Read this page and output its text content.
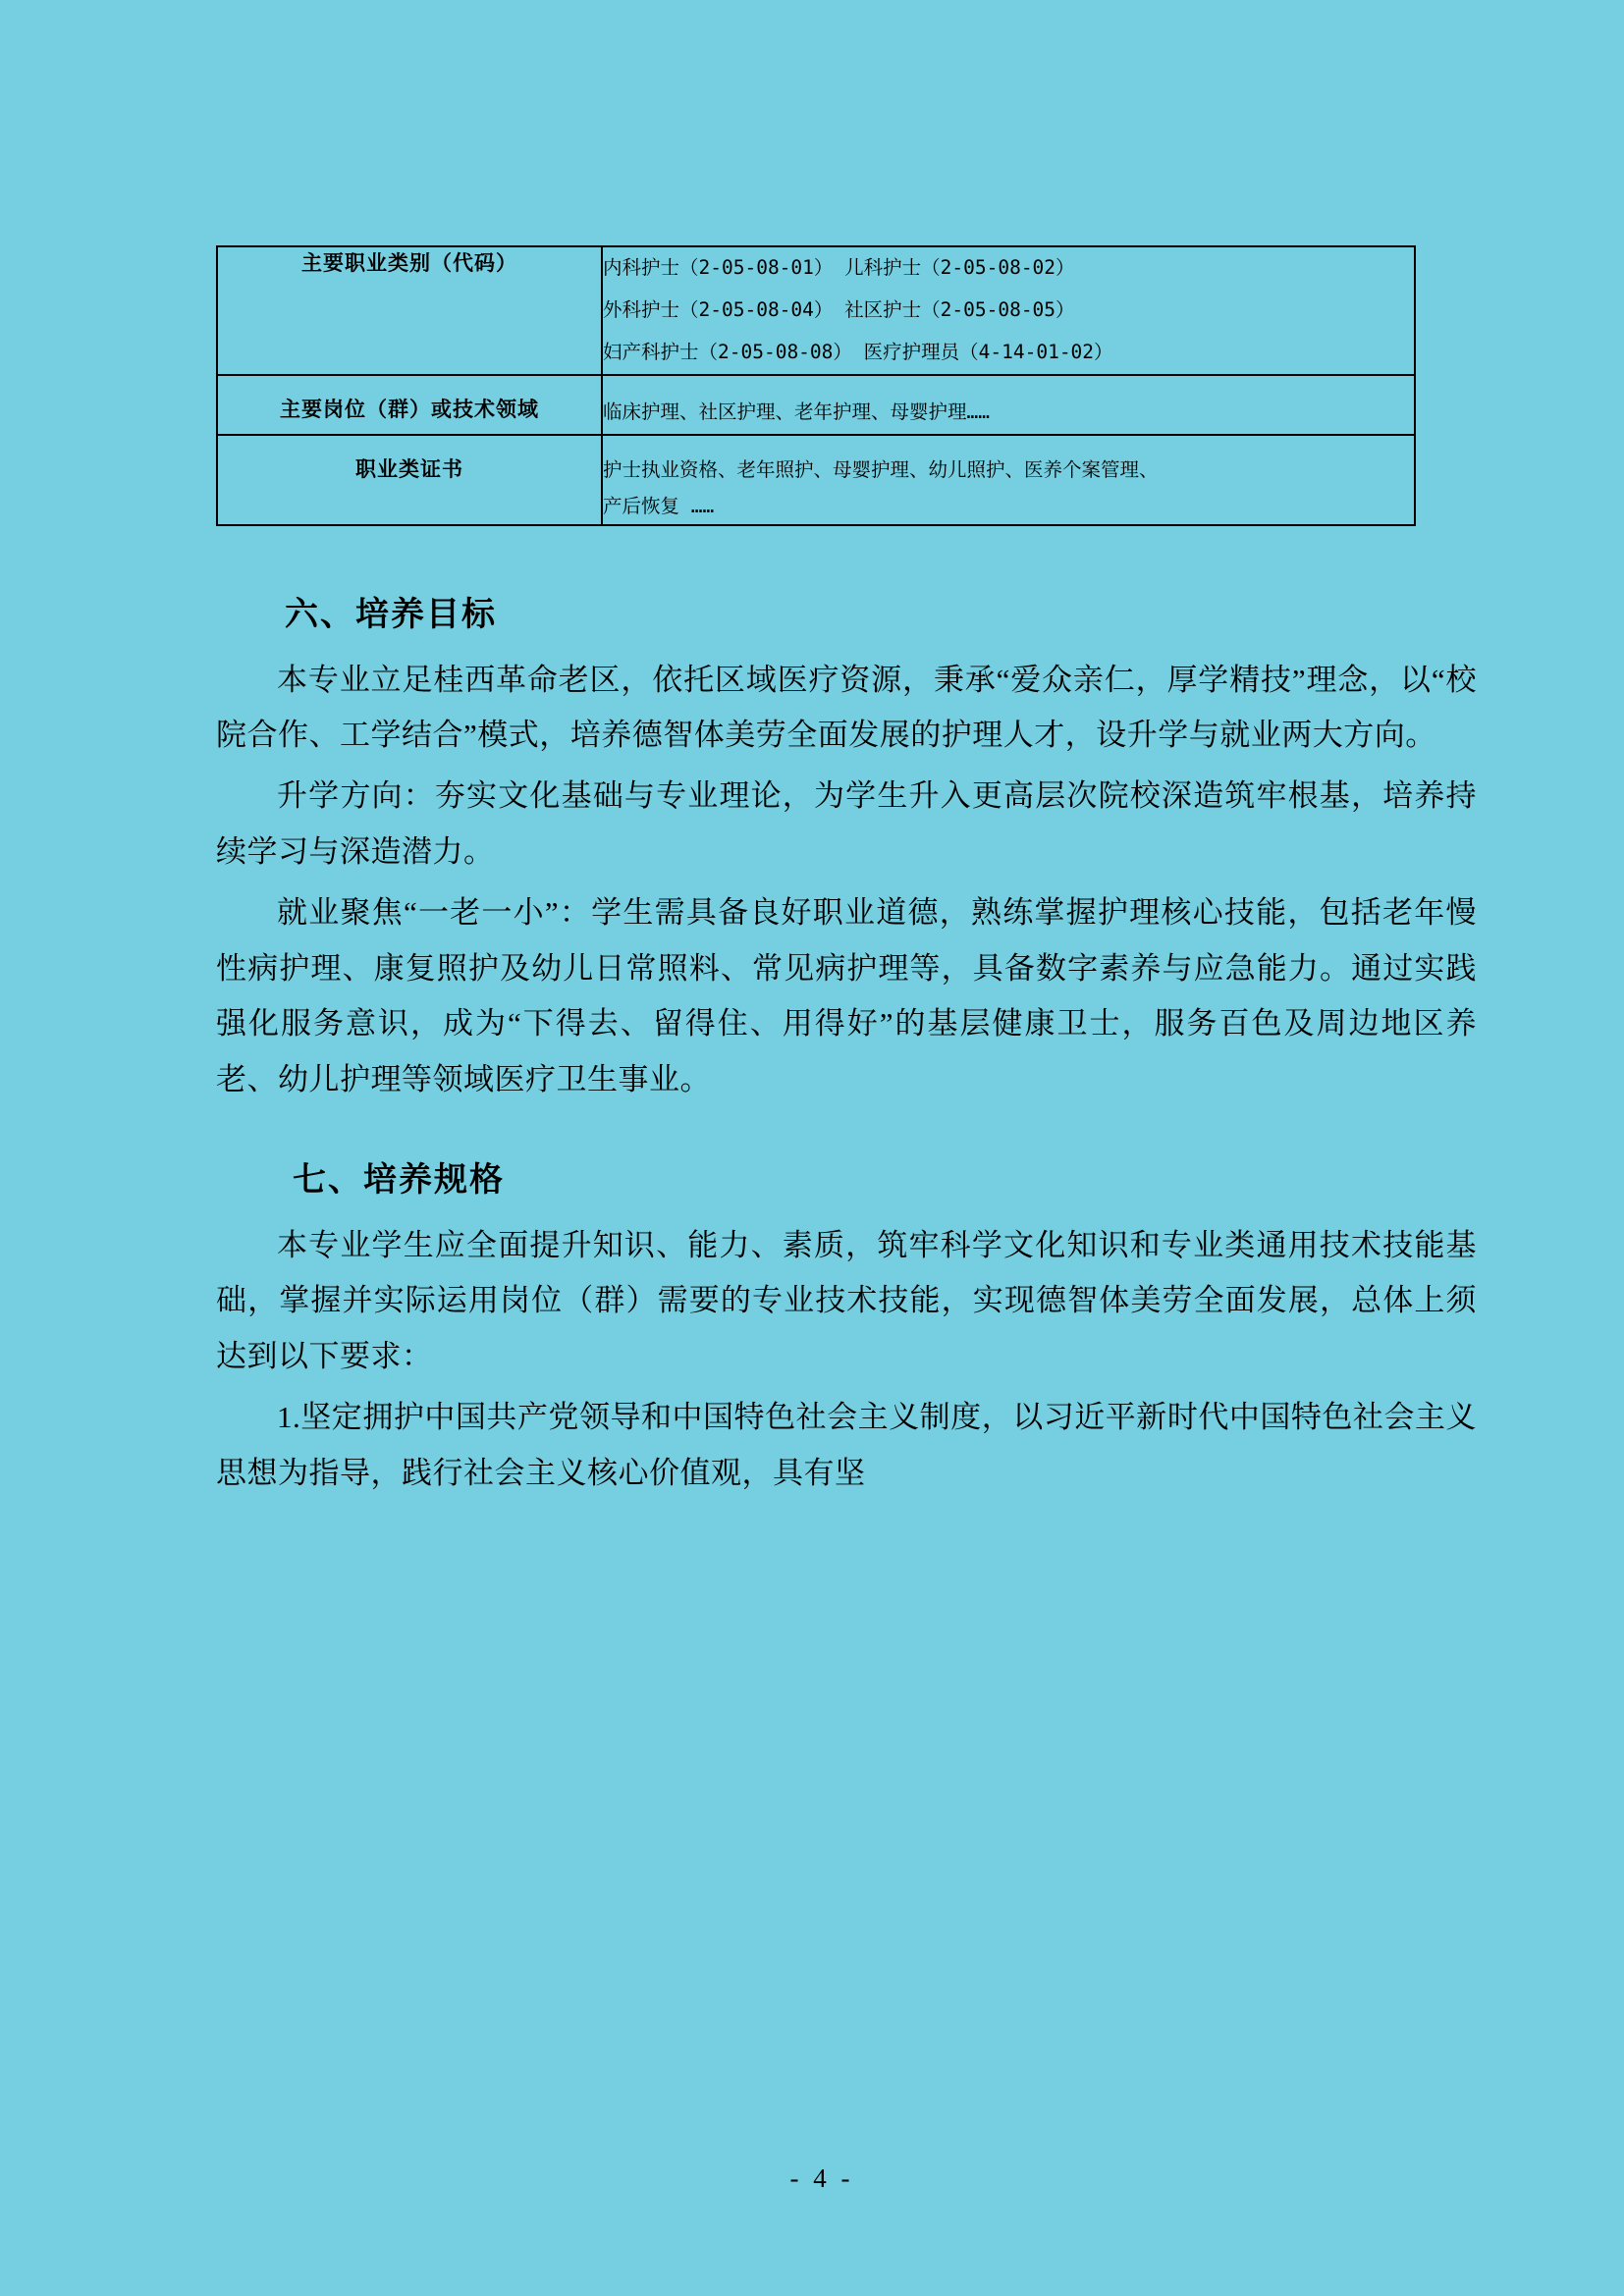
主要职业类别（代码）	内科护士（2-05-08-01） 儿科护士（2-05-08-02）
外科护士（2-05-08-04） 社区护士（2-05-08-05）
妇产科护士（2-05-08-08） 医疗护理员（4-14-01-02）

主要岗位（群）或技术领域	临床护理、社区护理、老年护理、母婴护理……

职业类证书	护士执业资格、老年照护、母婴护理、幼儿照护、医养个案管理、
产后恢复 ……
六、培养目标

本专业立足桂西革命老区，依托区域医疗资源，秉承“爱众亲仁，厚学精技”理念，以“校院合作、工学结合”模式，培养德智体美劳全面发展的护理人才，设升学与就业两大方向。

升学方向：夯实文化基础与专业理论，为学生升入更高层次院校深造筑牢根基，培养持续学习与深造潜力。

就业聚焦“一老一小”：学生需具备良好职业道德，熟练掌握护理核心技能，包括老年慢性病护理、康复照护及幼儿日常照料、常见病护理等，具备数字素养与应急能力。通过实践强化服务意识，成为“下得去、留得住、用得好”的基层健康卫士，服务百色及周边地区养老、幼儿护理等领域医疗卫生事业。

七、培养规格

本专业学生应全面提升知识、能力、素质，筑牢科学文化知识和专业类通用技术技能基础，掌握并实际运用岗位（群）需要的专业技术技能，实现德智体美劳全面发展，总体上须达到以下要求：

1.坚定拥护中国共产党领导和中国特色社会主义制度，以习近平新时代中国特色社会主义思想为指导，践行社会主义核心价值观，具有坚

- 4 -
